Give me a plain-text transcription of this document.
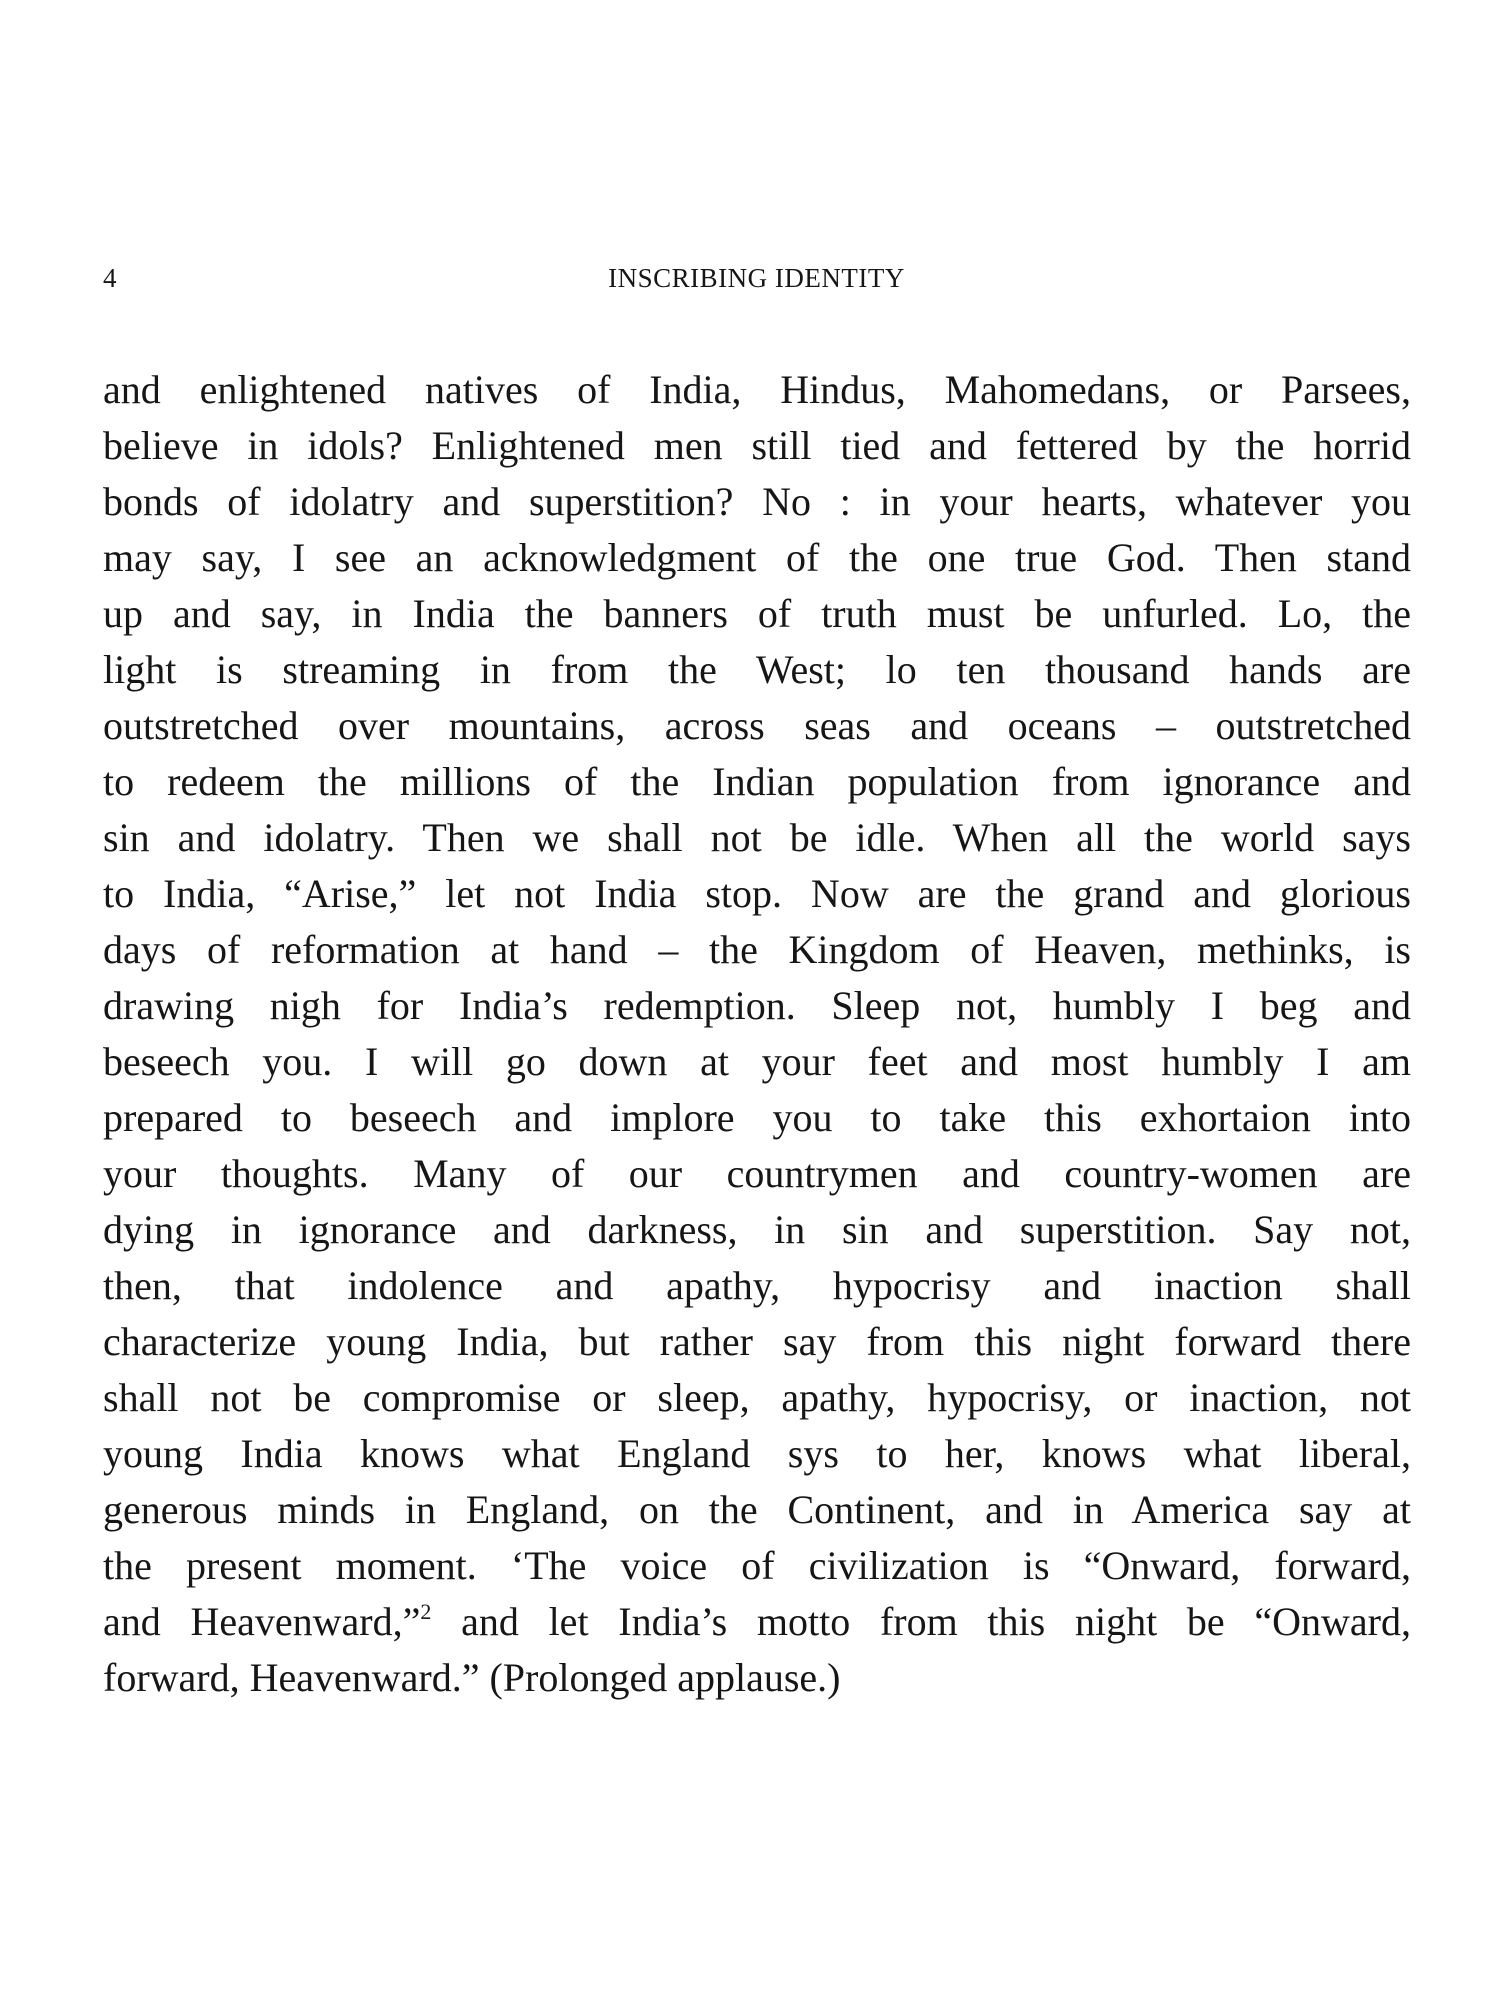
4	INSCRIBING IDENTITY
and enlightened natives of India, Hindus, Mahomedans, or Parsees,
believe in idols? Enlightened men still tied and fettered by the horrid
bonds of idolatry and superstition? No : in your hearts, whatever you
may say, I see an acknowledgment of the one true God. Then stand
up and say, in India the banners of truth must be unfurled. Lo, the
light is streaming in from the West; lo ten thousand hands are
outstretched over mountains, across seas and oceans – outstretched
to redeem the millions of the Indian population from ignorance and
sin and idolatry. Then we shall not be idle. When all the world says
to India, “Arise,” let not India stop. Now are the grand and glorious
days of reformation at hand – the Kingdom of Heaven, methinks, is
drawing nigh for India’s redemption. Sleep not, humbly I beg and
beseech you. I will go down at your feet and most humbly I am
prepared to beseech and implore you to take this exhortaion into
your thoughts. Many of our countrymen and country-women are
dying in ignorance and darkness, in sin and superstition. Say not,
then, that indolence and apathy, hypocrisy and inaction shall
characterize young India, but rather say from this night forward there
shall not be compromise or sleep, apathy, hypocrisy, or inaction, not
young India knows what England sys to her, knows what liberal,
generous minds in England, on the Continent, and in America say at
the present moment. ‘The voice of civilization is “Onward, forward,
and Heavenward,”$^2$ and let India’s motto from this night be “Onward,
forward, Heavenward.” (Prolonged applause.)
